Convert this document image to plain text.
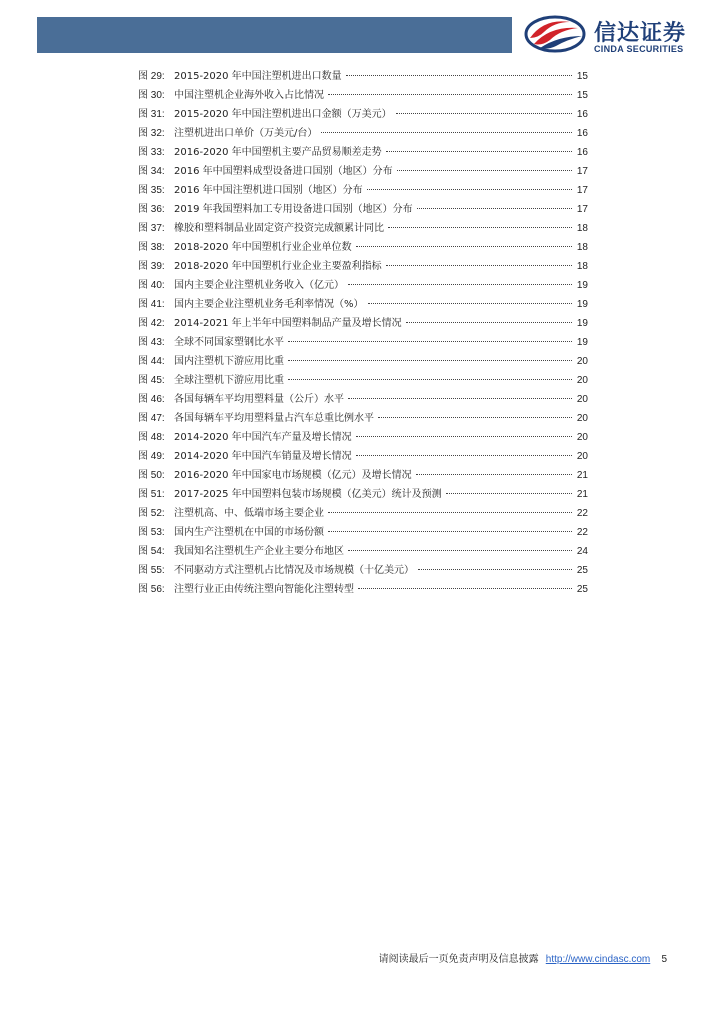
信达证券
CINDA SECURITIES
图 29: 2015-2020 年中国注塑机进出口数量	15
图 30: 中国注塑机企业海外收入占比情况	15
图 31: 2015-2020 年中国注塑机进出口金额（万美元）	16
图 32: 注塑机进出口单价（万美元/台）	16
图 33: 2016-2020 年中国塑机主要产品贸易顺差走势	16
图 34: 2016 年中国塑料成型设备进口国别（地区）分布	17
图 35: 2016 年中国注塑机进口国别（地区）分布	17
图 36: 2019 年我国塑料加工专用设备进口国别（地区）分布	17
图 37: 橡胶和塑料制品业固定资产投资完成额累计同比	18
图 38: 2018-2020 年中国塑机行业企业单位数	18
图 39: 2018-2020 年中国塑机行业企业主要盈利指标	18
图 40: 国内主要企业注塑机业务收入（亿元）	19
图 41: 国内主要企业注塑机业务毛利率情况（%）	19
图 42: 2014-2021 年上半年中国塑料制品产量及增长情况	19
图 43: 全球不同国家塑钢比水平	19
图 44: 国内注塑机下游应用比重	20
图 45: 全球注塑机下游应用比重	20
图 46: 各国每辆车平均用塑料量（公斤）水平	20
图 47: 各国每辆车平均用塑料量占汽车总重比例水平	20
图 48: 2014-2020 年中国汽车产量及增长情况	20
图 49: 2014-2020 年中国汽车销量及增长情况	20
图 50: 2016-2020 年中国家电市场规模（亿元）及增长情况	21
图 51: 2017-2025 年中国塑料包装市场规模（亿美元）统计及预测	21
图 52: 注塑机高、中、低端市场主要企业	22
图 53: 国内生产注塑机在中国的市场份额	22
图 54: 我国知名注塑机生产企业主要分布地区	24
图 55: 不同驱动方式注塑机占比情况及市场规模（十亿美元）	25
图 56: 注塑行业正由传统注塑向智能化注塑转型	25
请阅读最后一页免责声明及信息披露 http://www.cindasc.com 5
